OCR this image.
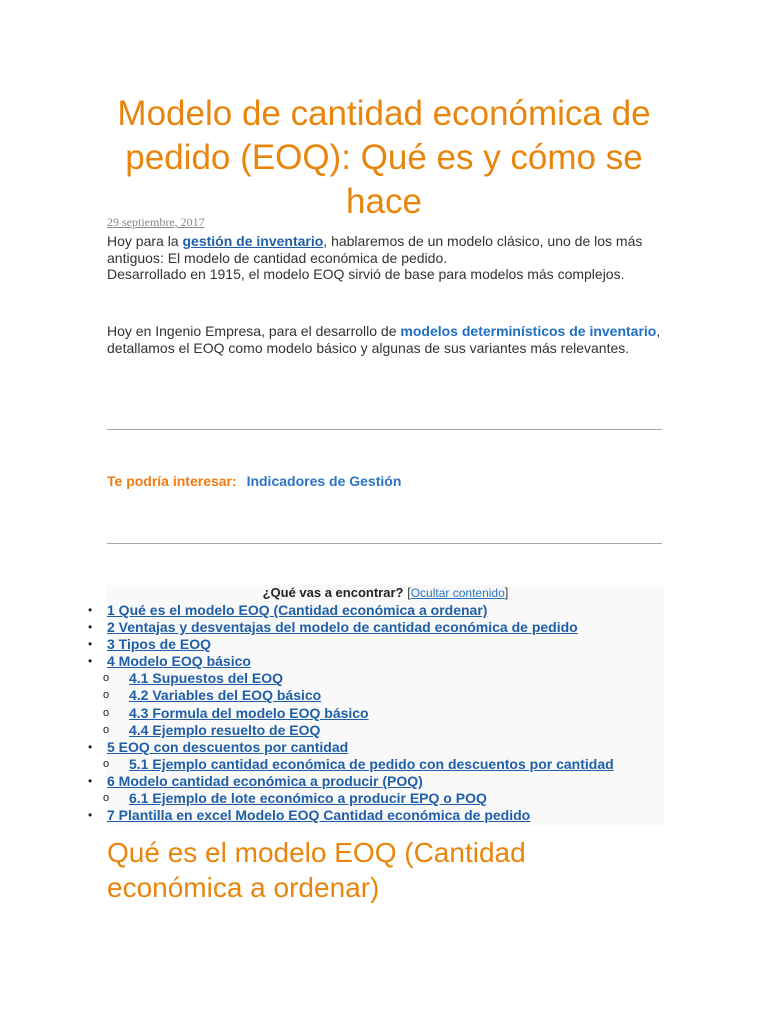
Modelo de cantidad económica de pedido (EOQ): Qué es y cómo se hace
29 septiembre, 2017

Hoy para la gestión de inventario, hablaremos de un modelo clásico, uno de los más antiguos: El modelo de cantidad económica de pedido.
Desarrollado en 1915, el modelo EOQ sirvió de base para modelos más complejos.

Hoy en Ingenio Empresa, para el desarrollo de modelos determinísticos de inventario, detallamos el EOQ como modelo básico y algunas de sus variantes más relevantes.

Te podría interesar: Indicadores de Gestión
¿Qué vas a encontrar? [Ocultar contenido]
• 1 Qué es el modelo EOQ (Cantidad económica a ordenar)
• 2 Ventajas y desventajas del modelo de cantidad económica de pedido
• 3 Tipos de EOQ
• 4 Modelo EOQ básico
o 4.1 Supuestos del EOQ
o 4.2 Variables del EOQ básico
o 4.3 Formula del modelo EOQ básico
o 4.4 Ejemplo resuelto de EOQ
• 5 EOQ con descuentos por cantidad
o 5.1 Ejemplo cantidad económica de pedido con descuentos por cantidad
• 6 Modelo cantidad económica a producir (POQ)
o 6.1 Ejemplo de lote económico a producir EPQ o POQ
• 7 Plantilla en excel Modelo EOQ Cantidad económica de pedido
Qué es el modelo EOQ (Cantidad económica a ordenar)
